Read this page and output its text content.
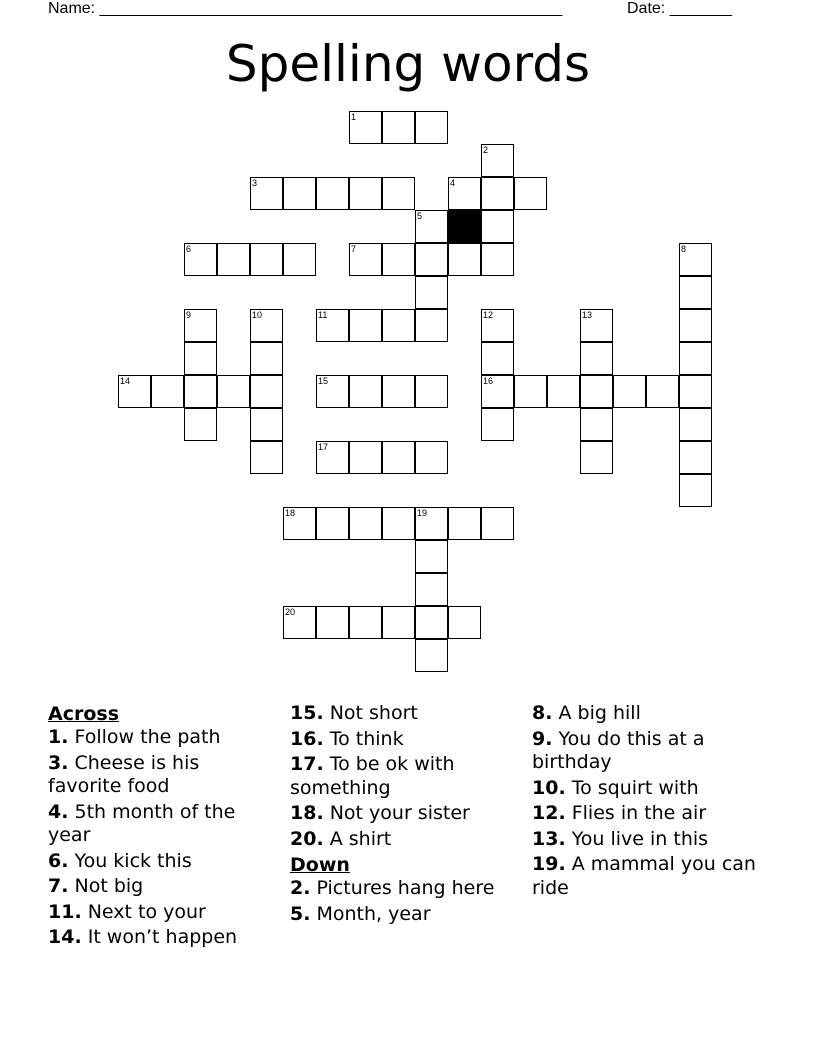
Name: ____________________________________________________	Date: _______
Spelling words
1
2
3	4
5
6	7	8
9	10	11	12	13
14	15	16
17
18	19
20
Across
1. Follow the path
3. Cheese is his favorite food
4. 5th month of the year
6. You kick this
7. Not big
11. Next to your
14. It won’t happen
15. Not short
16. To think
17. To be ok with something
18. Not your sister
20. A shirt
Down
2. Pictures hang here
5. Month, year
8. A big hill
9. You do this at a birthday
10. To squirt with
12. Flies in the air
13. You live in this
19. A mammal you can ride
